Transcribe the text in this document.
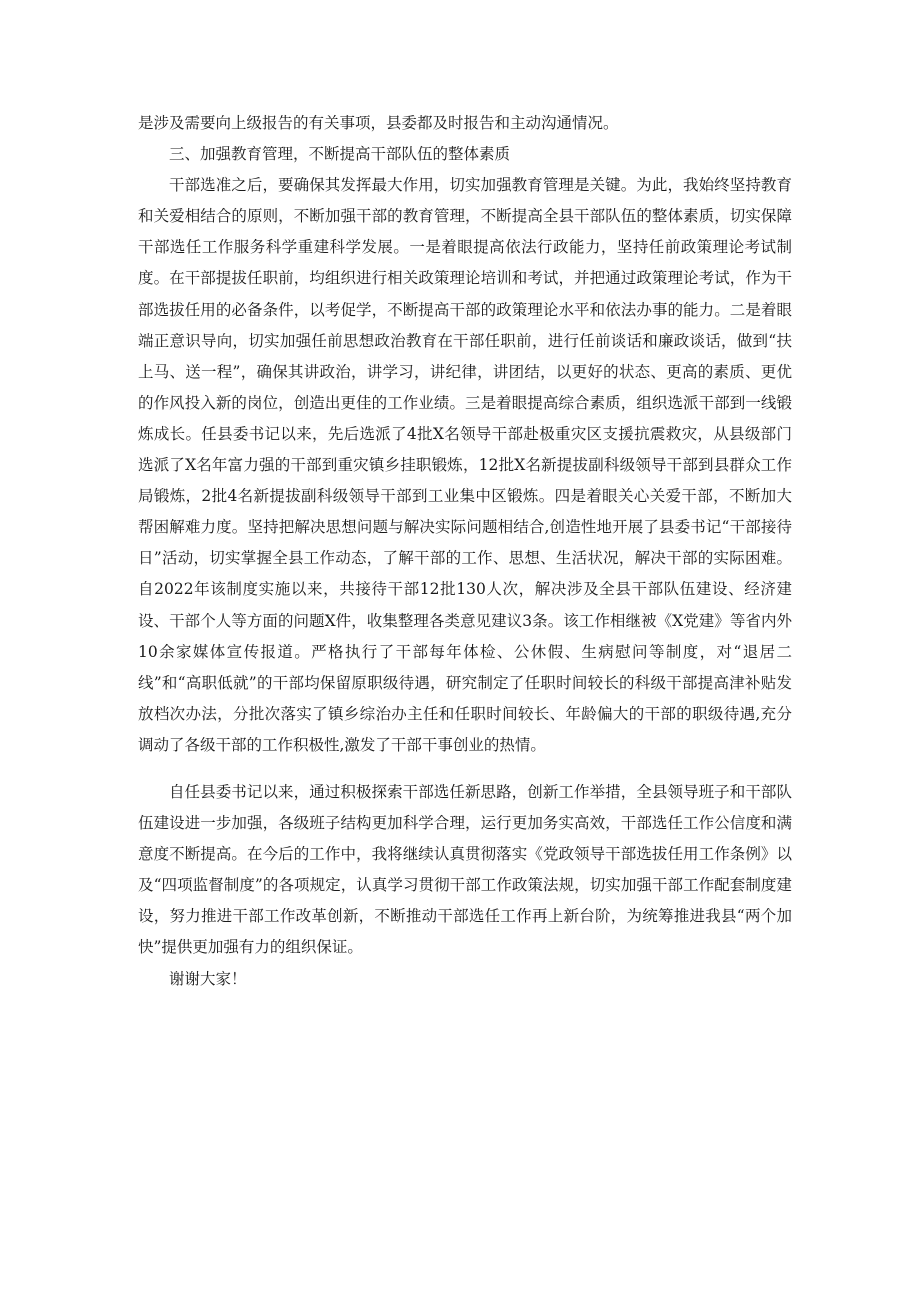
是涉及需要向上级报告的有关事项，县委都及时报告和主动沟通情况。

三、加强教育管理，不断提高干部队伍的整体素质

干部选准之后，要确保其发挥最大作用，切实加强教育管理是关键。为此，我始终坚持教育和关爱相结合的原则，不断加强干部的教育管理，不断提高全县干部队伍的整体素质，切实保障干部选任工作服务科学重建科学发展。一是着眼提高依法行政能力，坚持任前政策理论考试制度。在干部提拔任职前，均组织进行相关政策理论培训和考试，并把通过政策理论考试，作为干部选拔任用的必备条件，以考促学，不断提高干部的政策理论水平和依法办事的能力。二是着眼端正意识导向，切实加强任前思想政治教育在干部任职前，进行任前谈话和廉政谈话，做到“扶上马、送一程”，确保其讲政治，讲学习，讲纪律，讲团结，以更好的状态、更高的素质、更优的作风投入新的岗位，创造出更佳的工作业绩。三是着眼提高综合素质，组织选派干部到一线锻炼成长。任县委书记以来，先后选派了4批X名领导干部赴极重灾区支援抗震救灾，从县级部门选派了X名年富力强的干部到重灾镇乡挂职锻炼，12批X名新提拔副科级领导干部到县群众工作局锻炼，2批4名新提拔副科级领导干部到工业集中区锻炼。四是着眼关心关爱干部，不断加大帮困解难力度。坚持把解决思想问题与解决实际问题相结合,创造性地开展了县委书记“干部接待日”活动，切实掌握全县工作动态，了解干部的工作、思想、生活状况，解决干部的实际困难。自2022年该制度实施以来，共接待干部12批130人次，解决涉及全县干部队伍建设、经济建设、干部个人等方面的问题X件，收集整理各类意见建议3条。该工作相继被《X党建》等省内外10余家媒体宣传报道。严格执行了干部每年体检、公休假、生病慰问等制度，对“退居二线”和“高职低就”的干部均保留原职级待遇，研究制定了任职时间较长的科级干部提高津补贴发放档次办法，分批次落实了镇乡综治办主任和任职时间较长、年龄偏大的干部的职级待遇,充分调动了各级干部的工作积极性,激发了干部干事创业的热情。

自任县委书记以来，通过积极探索干部选任新思路，创新工作举措，全县领导班子和干部队伍建设进一步加强，各级班子结构更加科学合理，运行更加务实高效，干部选任工作公信度和满意度不断提高。在今后的工作中，我将继续认真贯彻落实《党政领导干部选拔任用工作条例》以及“四项监督制度”的各项规定，认真学习贯彻干部工作政策法规，切实加强干部工作配套制度建设，努力推进干部工作改革创新，不断推动干部选任工作再上新台阶，为统筹推进我县“两个加快”提供更加强有力的组织保证。

谢谢大家！
